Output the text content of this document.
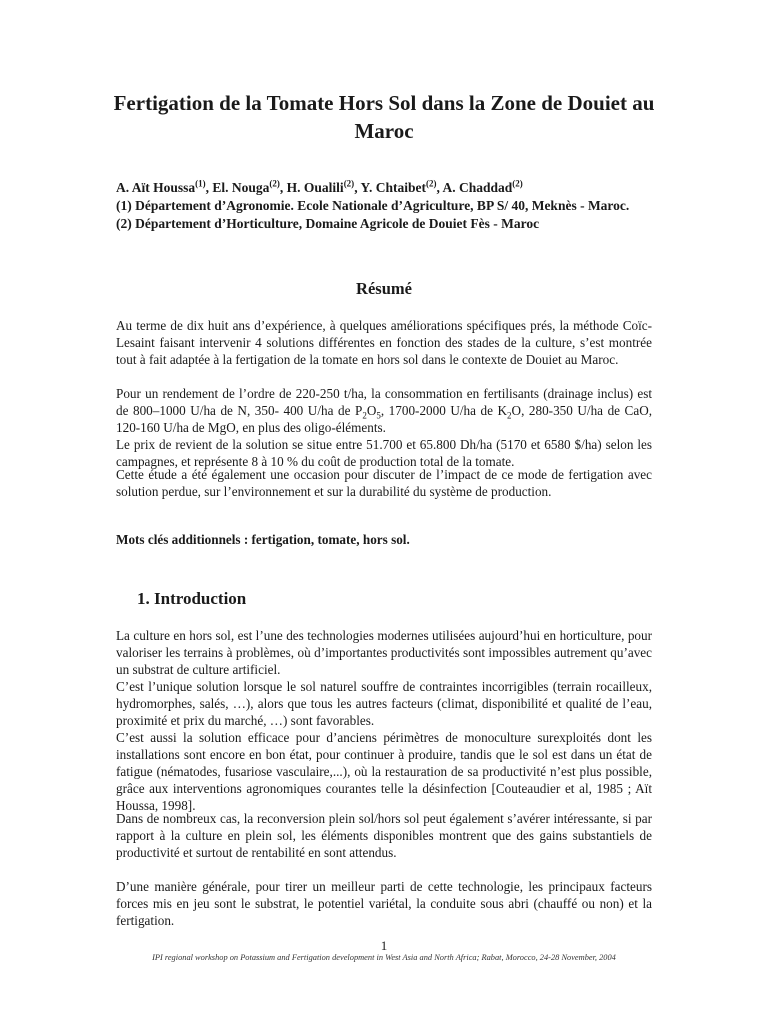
Fertigation de la Tomate Hors Sol dans la Zone de Douiet au Maroc
A. Aït Houssa$^{(1)}$, El. Nouga$^{(2)}$, H. Oualili$^{(2)}$, Y. Chtaibet$^{(2)}$, A. Chaddad$^{(2)}$
(1) Département d’Agronomie. Ecole Nationale d’Agriculture, BP S/ 40, Meknès - Maroc.
(2) Département d’Horticulture, Domaine Agricole de Douiet Fès - Maroc
Résumé

Au terme de dix huit ans d’expérience, à quelques améliorations spécifiques prés, la méthode Coïc-Lesaint faisant intervenir 4 solutions différentes en fonction des stades de la culture, s’est montrée tout à fait adaptée à la fertigation de la tomate en hors sol dans le contexte de Douiet au Maroc.

Pour un rendement de l’ordre de 220-250 t/ha, la consommation en fertilisants (drainage inclus) est de 800–1000 U/ha de N, 350- 400 U/ha de $P_2O_5$, 1700-2000 U/ha de $K_2O$, 280-350 U/ha de CaO, 120-160 U/ha de MgO, en plus des oligo-éléments.

Le prix de revient de la solution se situe entre 51.700 et 65.800 Dh/ha (5170 et 6580 $/ha) selon les campagnes, et représente 8 à 10 % du coût de production total de la tomate.

Cette étude a été également une occasion pour discuter de l’impact de ce mode de fertigation avec solution perdue, sur l’environnement et sur la durabilité du système de production.

Mots clés additionnels : fertigation, tomate, hors sol.

1. Introduction

La culture en hors sol, est l’une des technologies modernes utilisées aujourd’hui en horticulture, pour valoriser les terrains à problèmes, où d’importantes productivités sont impossibles autrement qu’avec un substrat de culture artificiel.

C’est l’unique solution lorsque le sol naturel souffre de contraintes incorrigibles (terrain rocailleux, hydromorphes, salés, …), alors que tous les autres facteurs (climat, disponibilité et qualité de l’eau, proximité et prix du marché, …) sont favorables.

C’est aussi la solution efficace pour d’anciens périmètres de monoculture surexploités dont les installations sont encore en bon état, pour continuer à produire, tandis que le sol est dans un état de fatigue (nématodes, fusariose vasculaire,...), où la restauration de sa productivité n’est plus possible, grâce aux interventions agronomiques courantes telle la désinfection [Couteaudier et al, 1985 ; Aït Houssa, 1998].

Dans de nombreux cas, la reconversion plein sol/hors sol peut également s’avérer intéressante, si par rapport à la culture en plein sol, les éléments disponibles montrent que des gains substantiels de productivité et surtout de rentabilité en sont attendus.

D’une manière générale, pour tirer un meilleur parti de cette technologie, les principaux facteurs forces mis en jeu sont le substrat, le potentiel variétal, la conduite sous abri (chauffé ou non) et la fertigation.

1
IPI regional workshop on Potassium and Fertigation development in West Asia and North Africa; Rabat, Morocco, 24-28 November, 2004
